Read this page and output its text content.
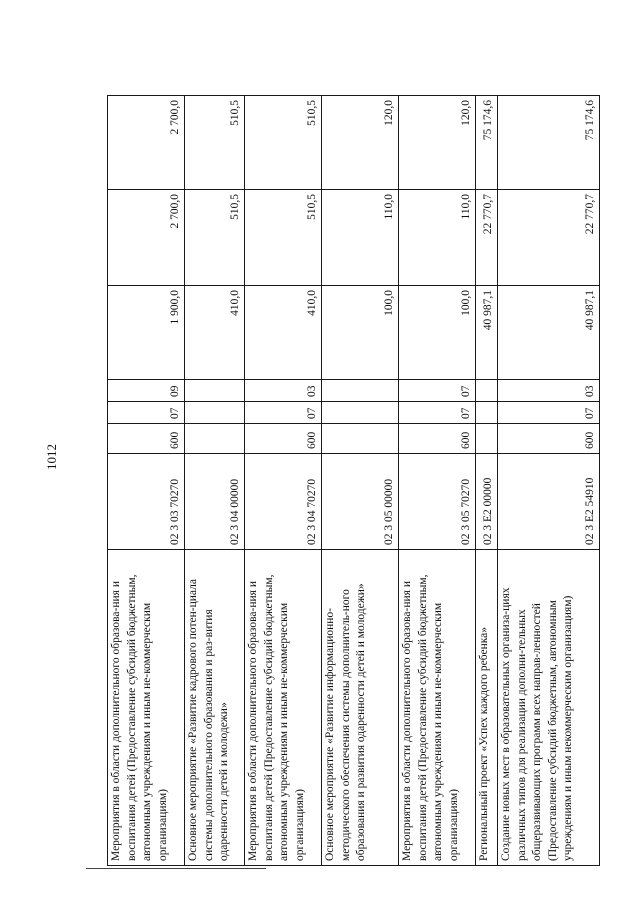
1012
Мероприятия в области дополнительного образова-ния и воспитания детей (Предоставление субсидий бюджетным, автономным учреждениям и иным не-коммерческим организациям)	02 3 03 70270	600	07	09	1 900,0	2 700,0	2 700,0
Основное мероприятие «Развитие кадрового потен-циала системы дополнительного образования и раз-вития одаренности детей и молодежи»	02 3 04 00000				410,0	510,5	510,5
Мероприятия в области дополнительного образова-ния и воспитания детей (Предоставление субсидий бюджетным, автономным учреждениям и иным не-коммерческим организациям)	02 3 04 70270	600	07	03	410,0	510,5	510,5
Основное мероприятие «Развитие информационно-методического обеспечения системы дополнитель-ного образования и развития одаренности детей и молодежи»	02 3 05 00000				100,0	110,0	120,0
Мероприятия в области дополнительного образова-ния и воспитания детей (Предоставление субсидий бюджетным, автономным учреждениям и иным не-коммерческим организациям)	02 3 05 70270	600	07	07	100,0	110,0	120,0
Региональный проект «Успех каждого ребенка»	02 3 E2 00000				40 987,1	22 770,7	75 174,6
Создание новых мест в образовательных организа-циях различных типов для реализации дополни-тельных общеразвивающих программ всех направ-ленностей (Предоставление субсидий бюджетным, автономным учреждениям и иным некоммерческим организациям)	02 3 E2 54910	600	07	03	40 987,1	22 770,7	75 174,6
